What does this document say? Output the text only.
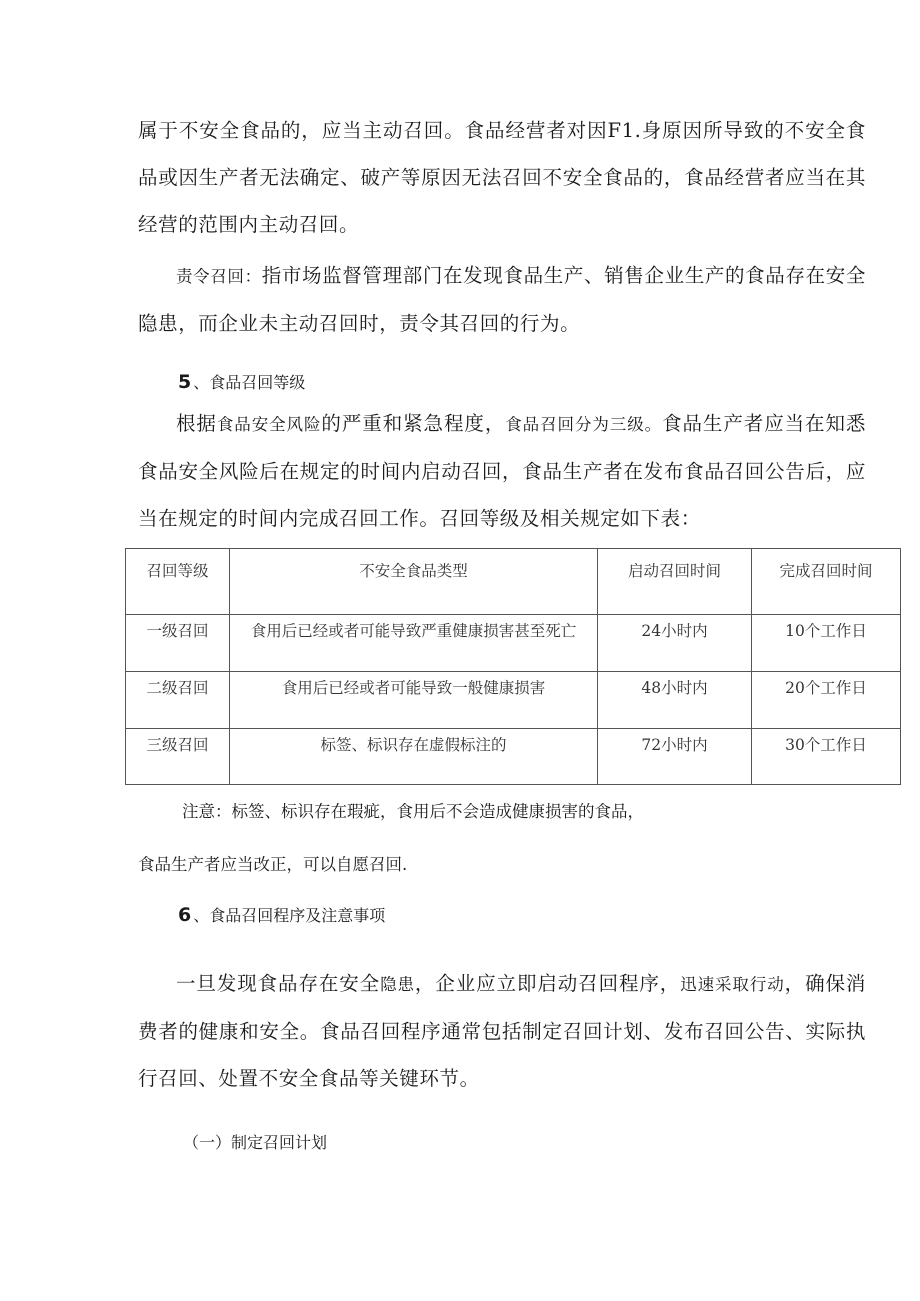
属于不安全食品的，应当主动召回。食品经营者对因F1.身原因所导致的不安全食品或因生产者无法确定、破产等原因无法召回不安全食品的，食品经营者应当在其经营的范围内主动召回。

责令召回：指市场监督管理部门在发现食品生产、销售企业生产的食品存在安全隐患，而企业未主动召回时，责令其召回的行为。

5 、食品召回等级

根据食品安全风险的严重和紧急程度，食品召回分为三级。食品生产者应当在知悉食品安全风险后在规定的时间内启动召回，食品生产者在发布食品召回公告后，应当在规定的时间内完成召回工作。召回等级及相关规定如下表：

召回等级	不安全食品类型	启动召回时间	完成召回时间
一级召回	食用后已经或者可能导致严重健康损害甚至死亡	24小时内	10个工作日
二级召回	食用后已经或者可能导致一般健康损害	48小时内	20个工作日
三级召回	标签、标识存在虚假标注的	72小时内	30个工作日

注意：标签、标识存在瑕疵，食用后不会造成健康损害的食品，

食品生产者应当改正，可以自愿召回.

6 、食品召回程序及注意事项

一旦发现食品存在安全隐患，企业应立即启动召回程序，迅速采取行动，确保消费者的健康和安全。食品召回程序通常包括制定召回计划、发布召回公告、实际执行召回、处置不安全食品等关键环节。

（一）制定召回计划
